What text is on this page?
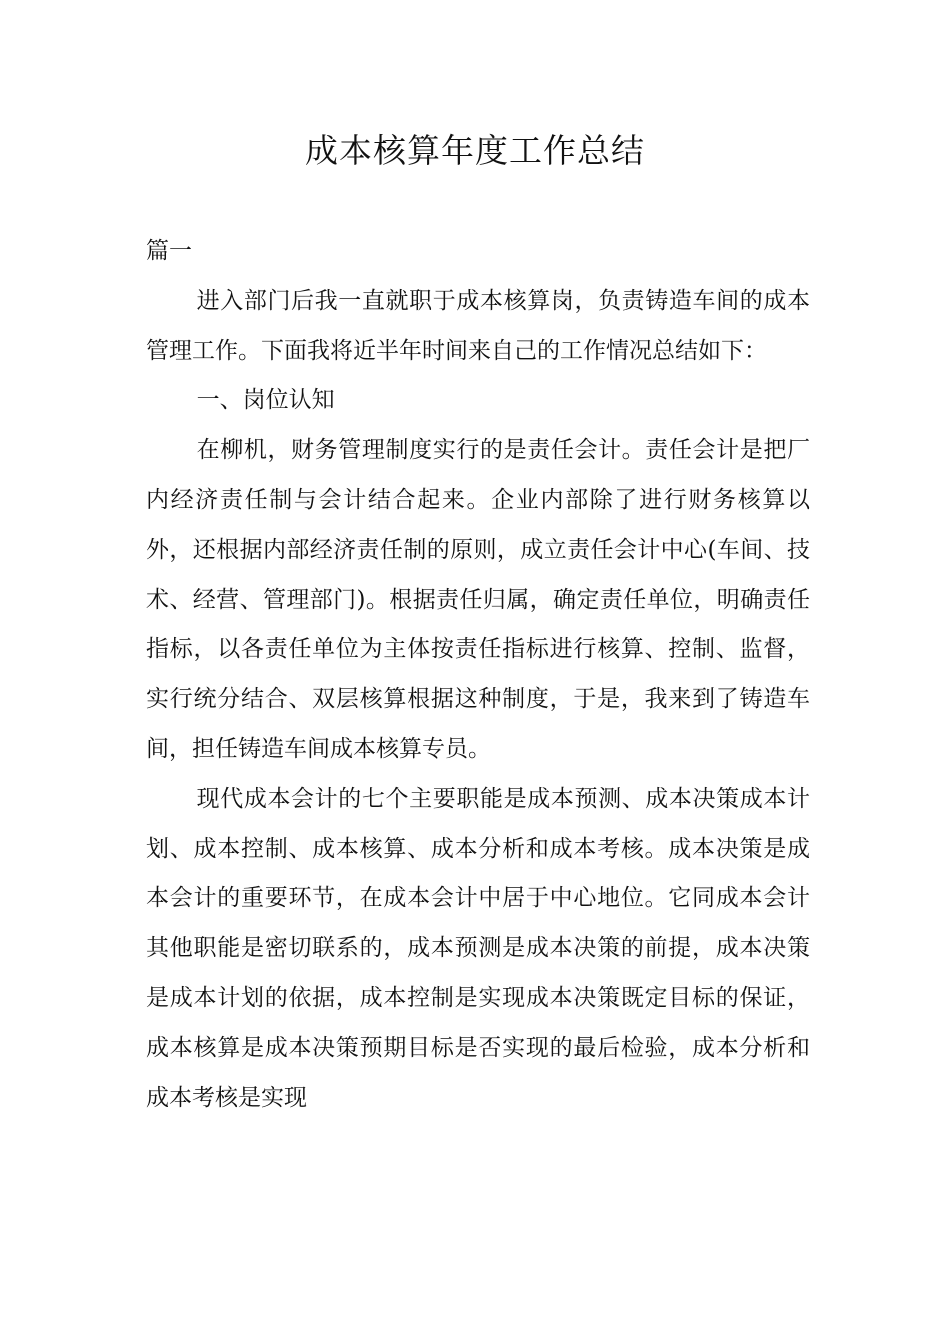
成本核算年度工作总结

篇一

进入部门后我一直就职于成本核算岗，负责铸造车间的成本管理工作。下面我将近半年时间来自己的工作情况总结如下：

一、岗位认知

在柳机，财务管理制度实行的是责任会计。责任会计是把厂内经济责任制与会计结合起来。企业内部除了进行财务核算以外，还根据内部经济责任制的原则，成立责任会计中心(车间、技术、经营、管理部门)。根据责任归属，确定责任单位，明确责任指标，以各责任单位为主体按责任指标进行核算、控制、监督，实行统分结合、双层核算根据这种制度，于是，我来到了铸造车间，担任铸造车间成本核算专员。

现代成本会计的七个主要职能是成本预测、成本决策成本计划、成本控制、成本核算、成本分析和成本考核。成本决策是成本会计的重要环节，在成本会计中居于中心地位。它同成本会计其他职能是密切联系的，成本预测是成本决策的前提，成本决策是成本计划的依据，成本控制是实现成本决策既定目标的保证，成本核算是成本决策预期目标是否实现的最后检验，成本分析和成本考核是实现
